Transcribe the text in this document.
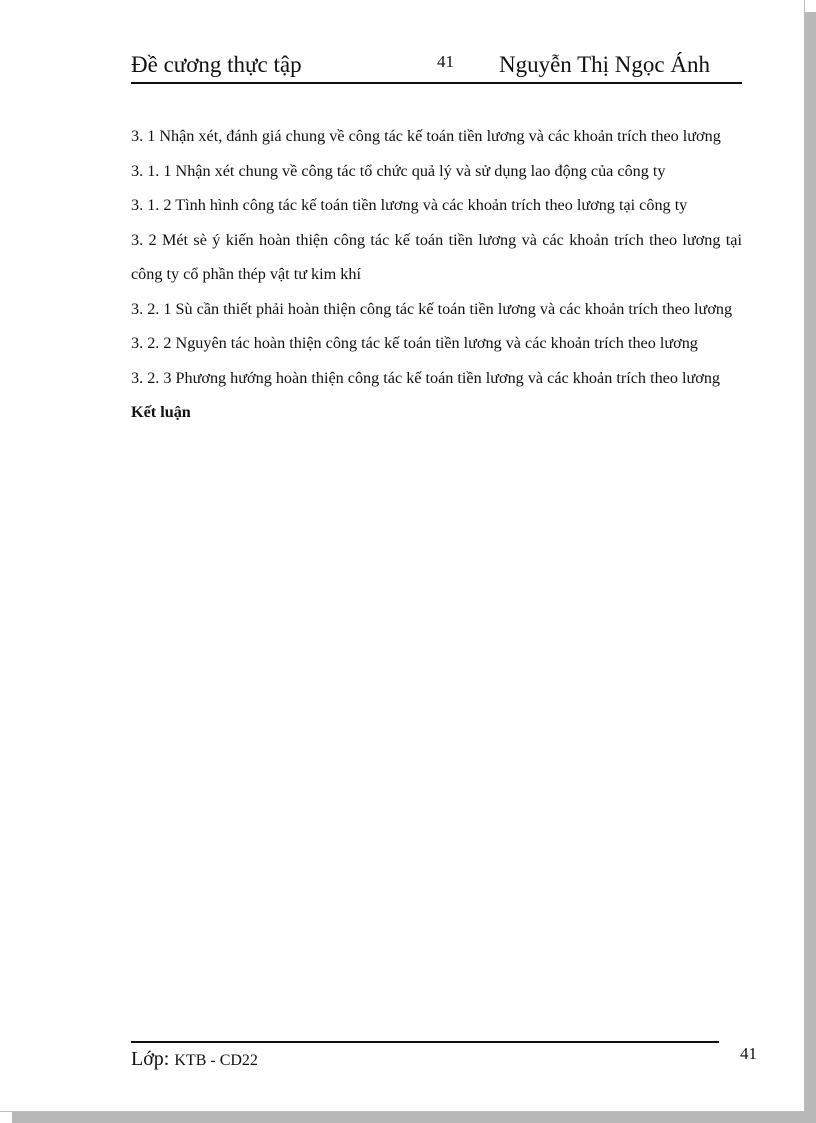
Đề cương thực tập	41 Nguyễn Thị Ngọc Ánh

3. 1 Nhận xét, đánh giá chung về công tác kế toán tiền lương và các khoản trích theo lương

3. 1. 1 Nhận xét chung về công tác tổ chức quả lý và sử dụng lao động của công ty

3. 1. 2 Tình hình công tác kế toán tiền lương và các khoản trích theo lương tại công ty

3. 2 Mét sè ý kiến hoàn thiện công tác kế toán tiền lương và các khoản trích theo lương tại công ty cổ phần thép vật tư kim khí

3. 2. 1 Sù cần thiết phải hoàn thiện công tác kế toán tiền lương và các khoản trích theo lương

3. 2. 2 Nguyên tác hoàn thiện công tác kế toán tiền lương và các khoản trích theo lương

3. 2. 3 Phương hướng hoàn thiện công tác kế toán tiền lương và các khoản trích theo lương

Kết luận

Lớp: KTB - CD22	41
